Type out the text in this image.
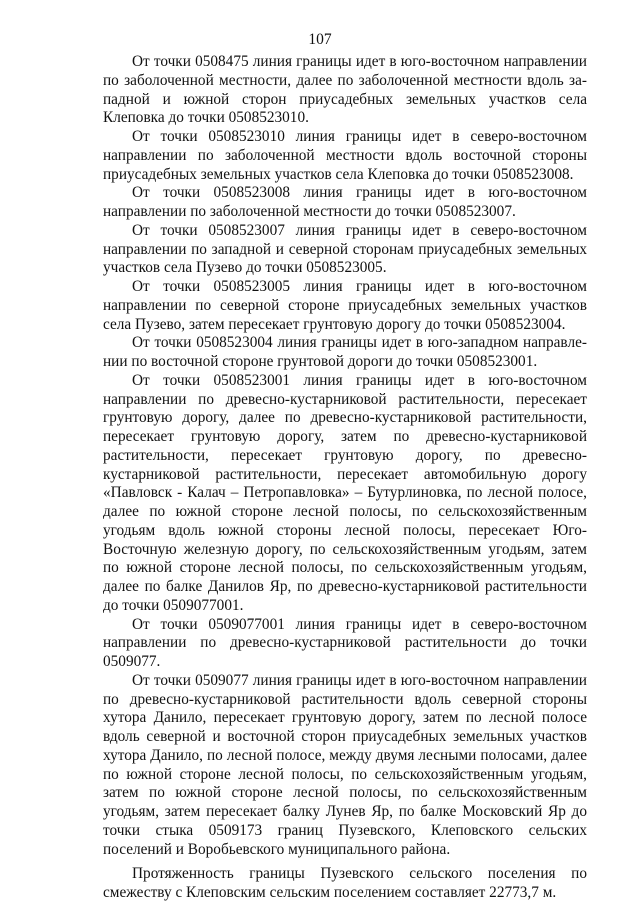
107

От точки 0508475 линия границы идет в юго-восточном направлении по заболоченной местности, далее по заболоченной местности вдоль западной и южной сторон приусадебных земельных участков села Клеповка до точки 0508523010.

От точки 0508523010 линия границы идет в северо-восточном направлении по заболоченной местности вдоль восточной стороны приусадебных земельных участков села Клеповка до точки 0508523008.

От точки 0508523008 линия границы идет в юго-восточном направлении по заболоченной местности до точки 0508523007.

От точки 0508523007 линия границы идет в северо-восточном направлении по западной и северной сторонам приусадебных земельных участков села Пузево до точки 0508523005.

От точки 0508523005 линия границы идет в юго-восточном направлении по северной стороне приусадебных земельных участков села Пузево, затем пересекает грунтовую дорогу до точки 0508523004.

От точки 0508523004 линия границы идет в юго-западном направлении по восточной стороне грунтовой дороги до точки 0508523001.

От точки 0508523001 линия границы идет в юго-восточном направлении по древесно-кустарниковой растительности, пересекает грунтовую дорогу, далее по древесно-кустарниковой растительности, пересекает грунтовую дорогу, затем по древесно-кустарниковой растительности, пересекает грунтовую дорогу, по древесно-кустарниковой растительности, пересекает автомобильную дорогу «Павловск - Калач – Петропавловка» – Бутурлиновка, по лесной полосе, далее по южной стороне лесной полосы, по сельскохозяйственным угодьям вдоль южной стороны лесной полосы, пересекает Юго-Восточную железную дорогу, по сельскохозяйственным угодьям, затем по южной стороне лесной полосы, по сельскохозяйственным угодьям, далее по балке Данилов Яр, по древесно-кустарниковой растительности до точки 0509077001.

От точки 0509077001 линия границы идет в северо-восточном направлении по древесно-кустарниковой растительности до точки 0509077.

От точки 0509077 линия границы идет в юго-восточном направлении по древесно-кустарниковой растительности вдоль северной стороны хутора Данило, пересекает грунтовую дорогу, затем по лесной полосе вдоль северной и восточной сторон приусадебных земельных участков хутора Данило, по лесной полосе, между двумя лесными полосами, далее по южной стороне лесной полосы, по сельскохозяйственным угодьям, затем по южной стороне лесной полосы, по сельскохозяйственным угодьям, затем пересекает балку Лунев Яр, по балке Московский Яр до точки стыка 0509173 границ Пузевского, Клеповского сельских поселений и Воробьевского муниципального района.

Протяженность границы Пузевского сельского поселения по смежеству с Клеповским сельским поселением составляет 22773,7 м.
